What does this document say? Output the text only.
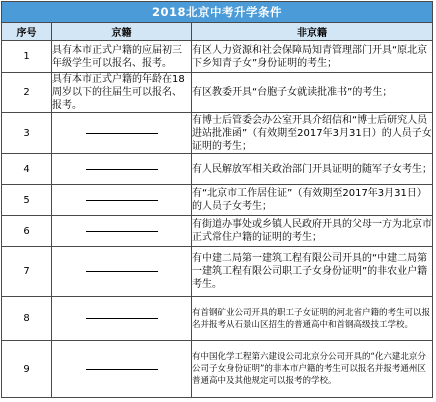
2018北京中考升学条件		
序号	京籍	非京籍
1	具有本市正式户籍的应届初三年级学生可以报名、报考。	有区人力资源和社会保障局知青管理部门开具“原北京下乡知青子女”身份证明的考生；
2	具有本市正式户籍的年龄在18周岁以下的往届生可以报名、报考。	有区教委开具“台胞子女就读批准书”的考生；
3		有博士后管委会办公室开具介绍信和“博士后研究人员进站批准函”（有效期至2017年3月31日）的人员子女证明的考生；
4		有人民解放军相关政治部门开具证明的随军子女考生；
5		有“北京市工作居住证”（有效期至2017年3月31日）的人员子女考生；
6		有街道办事处或乡镇人民政府开具的父母一方为北京市正式常住户籍的证明的考生；
7		有中建二局第一建筑工程有限公司开具的“中建二局第一建筑工程有限公司职工子女身份证明”的非农业户籍考生。
8		有首钢矿业公司开具的职工子女证明的河北省户籍的考生可以报名并报考从石景山区招生的普通高中和首钢高级技工学校。
9		有中国化学工程第六建设公司北京分公司开具的“化六建北京分公司子女身份证明”的非本市户籍的考生可以报名并报考通州区普通高中及其他规定可以报考的学校。
